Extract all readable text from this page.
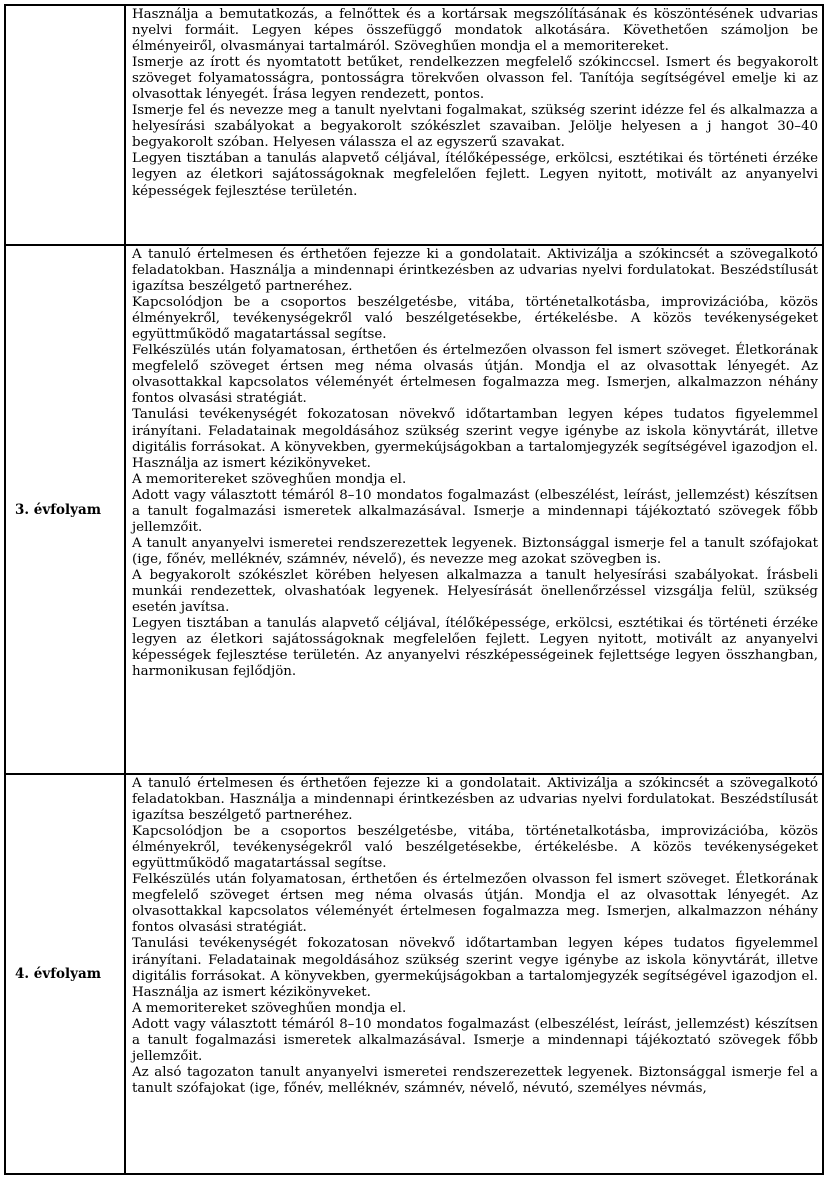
Használja a bemutatkozás, a felnőttek és a kortársak megszólításának és köszöntésének udvarias nyelvi formáit. Legyen képes összefüggő mondatok alkotására. Követhetően számoljon be élményeiről, olvasmányai tartalmáról. Szöveghűen mondja el a memoritereket.

Ismerje az írott és nyomtatott betűket, rendelkezzen megfelelő szókinccsel. Ismert és begyakorolt szöveget folyamatosságra, pontosságra törekvően olvasson fel. Tanítója segítségével emelje ki az olvasottak lényegét. Írása legyen rendezett, pontos.

Ismerje fel és nevezze meg a tanult nyelvtani fogalmakat, szükség szerint idézze fel és alkalmazza a helyesírási szabályokat a begyakorolt szókészlet szavaiban. Jelölje helyesen a j hangot 30–40 begyakorolt szóban. Helyesen válassza el az egyszerű szavakat.

Legyen tisztában a tanulás alapvető céljával, ítélőképessége, erkölcsi, esztétikai és történeti érzéke legyen az életkori sajátosságoknak megfelelően fejlett. Legyen nyitott, motivált az anyanyelvi képességek fejlesztése területén.

3. évfolyam

A tanuló értelmesen és érthetően fejezze ki a gondolatait. Aktivizálja a szókincsét a szövegalkotó feladatokban. Használja a mindennapi érintkezésben az udvarias nyelvi fordulatokat. Beszédstílusát igazítsa beszélgető partneréhez.

Kapcsolódjon be a csoportos beszélgetésbe, vitába, történetalkotásba, improvizációba, közös élményekről, tevékenységekről való beszélgetésekbe, értékelésbe. A közös tevékenységeket együttműködő magatartással segítse.

Felkészülés után folyamatosan, érthetően és értelmezően olvasson fel ismert szöveget. Életkorának megfelelő szöveget értsen meg néma olvasás útján. Mondja el az olvasottak lényegét. Az olvasottakkal kapcsolatos véleményét értelmesen fogalmazza meg. Ismerjen, alkalmazzon néhány fontos olvasási stratégiát.

Tanulási tevékenységét fokozatosan növekvő időtartamban legyen képes tudatos figyelemmel irányítani. Feladatainak megoldásához szükség szerint vegye igénybe az iskola könyvtárát, illetve digitális forrásokat. A könyvekben, gyermekújságokban a tartalomjegyzék segítségével igazodjon el. Használja az ismert kézikönyveket.

A memoritereket szöveghűen mondja el.

Adott vagy választott témáról 8–10 mondatos fogalmazást (elbeszélést, leírást, jellemzést) készítsen a tanult fogalmazási ismeretek alkalmazásával. Ismerje a mindennapi tájékoztató szövegek főbb jellemzőit.

A tanult anyanyelvi ismeretei rendszerezettek legyenek. Biztonsággal ismerje fel a tanult szófajokat (ige, főnév, melléknév, számnév, névelő), és nevezze meg azokat szövegben is.

A begyakorolt szókészlet körében helyesen alkalmazza a tanult helyesírási szabályokat. Írásbeli munkái rendezettek, olvashatóak legyenek. Helyesírását önellenőrzéssel vizsgálja felül, szükség esetén javítsa.

Legyen tisztában a tanulás alapvető céljával, ítélőképessége, erkölcsi, esztétikai és történeti érzéke legyen az életkori sajátosságoknak megfelelően fejlett. Legyen nyitott, motivált az anyanyelvi képességek fejlesztése területén. Az anyanyelvi részképességeinek fejlettsége legyen összhangban, harmonikusan fejlődjön.

4. évfolyam

A tanuló értelmesen és érthetően fejezze ki a gondolatait. Aktivizálja a szókincsét a szövegalkotó feladatokban. Használja a mindennapi érintkezésben az udvarias nyelvi fordulatokat. Beszédstílusát igazítsa beszélgető partneréhez.

Kapcsolódjon be a csoportos beszélgetésbe, vitába, történetalkotásba, improvizációba, közös élményekről, tevékenységekről való beszélgetésekbe, értékelésbe. A közös tevékenységeket együttműködő magatartással segítse.

Felkészülés után folyamatosan, érthetően és értelmezően olvasson fel ismert szöveget. Életkorának megfelelő szöveget értsen meg néma olvasás útján. Mondja el az olvasottak lényegét. Az olvasottakkal kapcsolatos véleményét értelmesen fogalmazza meg. Ismerjen, alkalmazzon néhány fontos olvasási stratégiát.

Tanulási tevékenységét fokozatosan növekvő időtartamban legyen képes tudatos figyelemmel irányítani. Feladatainak megoldásához szükség szerint vegye igénybe az iskola könyvtárát, illetve digitális forrásokat. A könyvekben, gyermekújságokban a tartalomjegyzék segítségével igazodjon el. Használja az ismert kézikönyveket.

A memoritereket szöveghűen mondja el.

Adott vagy választott témáról 8–10 mondatos fogalmazást (elbeszélést, leírást, jellemzést) készítsen a tanult fogalmazási ismeretek alkalmazásával. Ismerje a mindennapi tájékoztató szövegek főbb jellemzőit.

Az alsó tagozaton tanult anyanyelvi ismeretei rendszerezettek legyenek. Biztonsággal ismerje fel a tanult szófajokat (ige, főnév, melléknév, számnév, névelő, névutó, személyes névmás,
